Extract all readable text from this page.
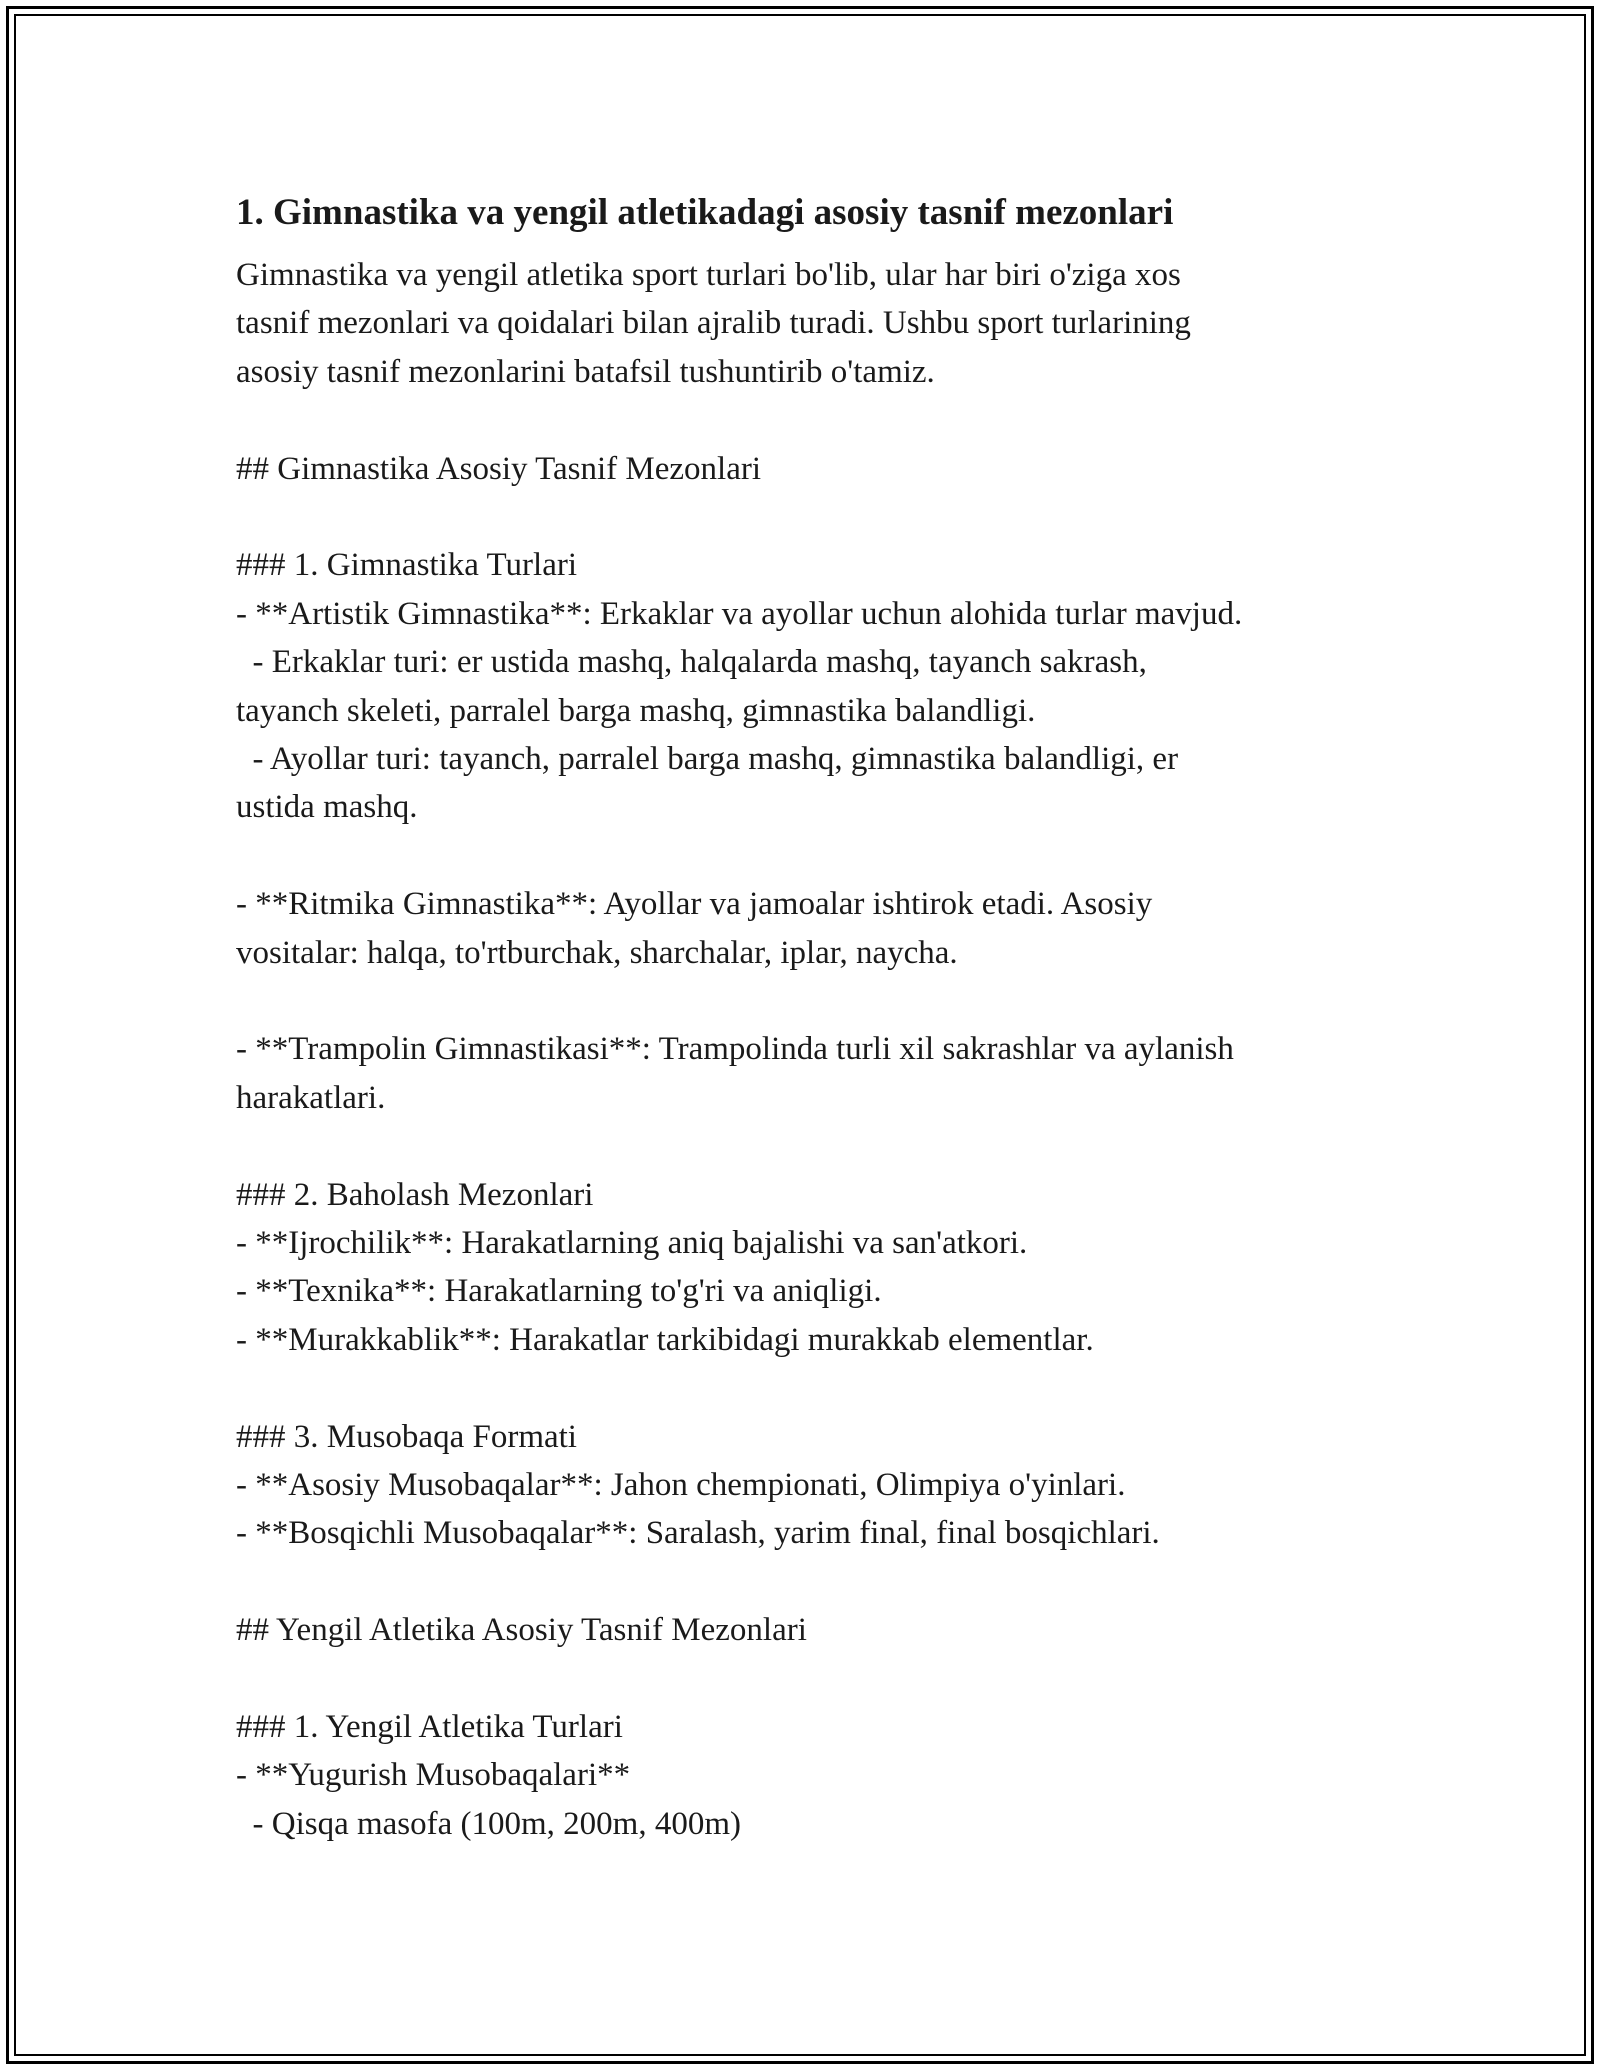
1. Gimnastika va yengil atletikadagi asosiy tasnif mezonlari
Gimnastika va yengil atletika sport turlari bo'lib, ular har biri o'ziga xos
tasnif mezonlari va qoidalari bilan ajralib turadi. Ushbu sport turlarining
asosiy tasnif mezonlarini batafsil tushuntirib o'tamiz.
## Gimnastika Asosiy Tasnif Mezonlari
### 1. Gimnastika Turlari
- **Artistik Gimnastika**: Erkaklar va ayollar uchun alohida turlar mavjud.
- Erkaklar turi: er ustida mashq, halqalarda mashq, tayanch sakrash,
tayanch skeleti, parralel barga mashq, gimnastika balandligi.
- Ayollar turi: tayanch, parralel barga mashq, gimnastika balandligi, er
ustida mashq.
- **Ritmika Gimnastika**: Ayollar va jamoalar ishtirok etadi. Asosiy
vositalar: halqa, to'rtburchak, sharchalar, iplar, naycha.
- **Trampolin Gimnastikasi**: Trampolinda turli xil sakrashlar va aylanish
harakatlari.
### 2. Baholash Mezonlari
- **Ijrochilik**: Harakatlarning aniq bajalishi va san'atkori.
- **Texnika**: Harakatlarning to'g'ri va aniqligi.
- **Murakkablik**: Harakatlar tarkibidagi murakkab elementlar.
### 3. Musobaqa Formati
- **Asosiy Musobaqalar**: Jahon chempionati, Olimpiya o'yinlari.
- **Bosqichli Musobaqalar**: Saralash, yarim final, final bosqichlari.
## Yengil Atletika Asosiy Tasnif Mezonlari
### 1. Yengil Atletika Turlari
- **Yugurish Musobaqalari**
- Qisqa masofa (100m, 200m, 400m)
